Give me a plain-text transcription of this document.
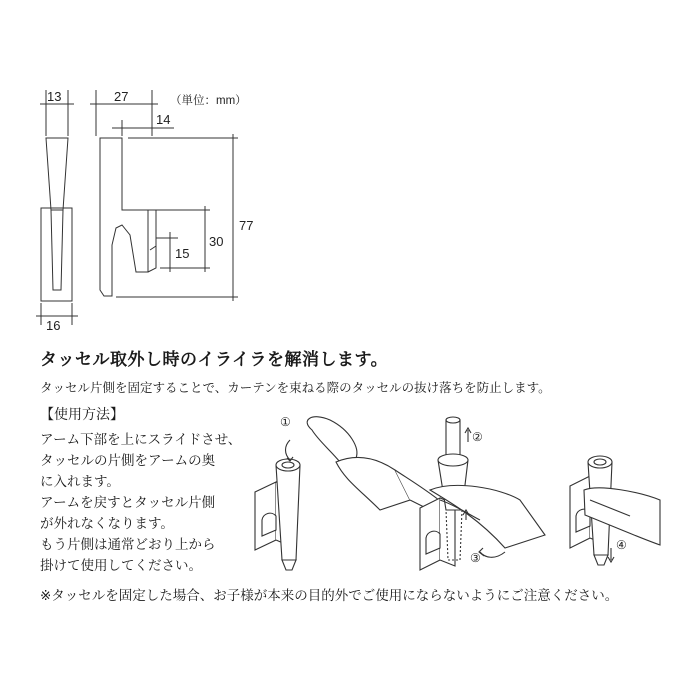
13
16
27
14
77
30
15
（単位：mm）
タッセル取外し時のイライラを解消します。
タッセル片側を固定することで、カーテンを束ねる際のタッセルの抜け落ちを防止します。
【使用方法】
アーム下部を上にスライドさせ、
タッセルの片側をアームの奥
に入れます。
アームを戻すとタッセル片側
が外れなくなります。
もう片側は通常どおり上から
掛けて使用してください。
※タッセルを固定した場合、お子様が本来の目的外でご使用にならないようにご注意ください。
①
②
③
④
